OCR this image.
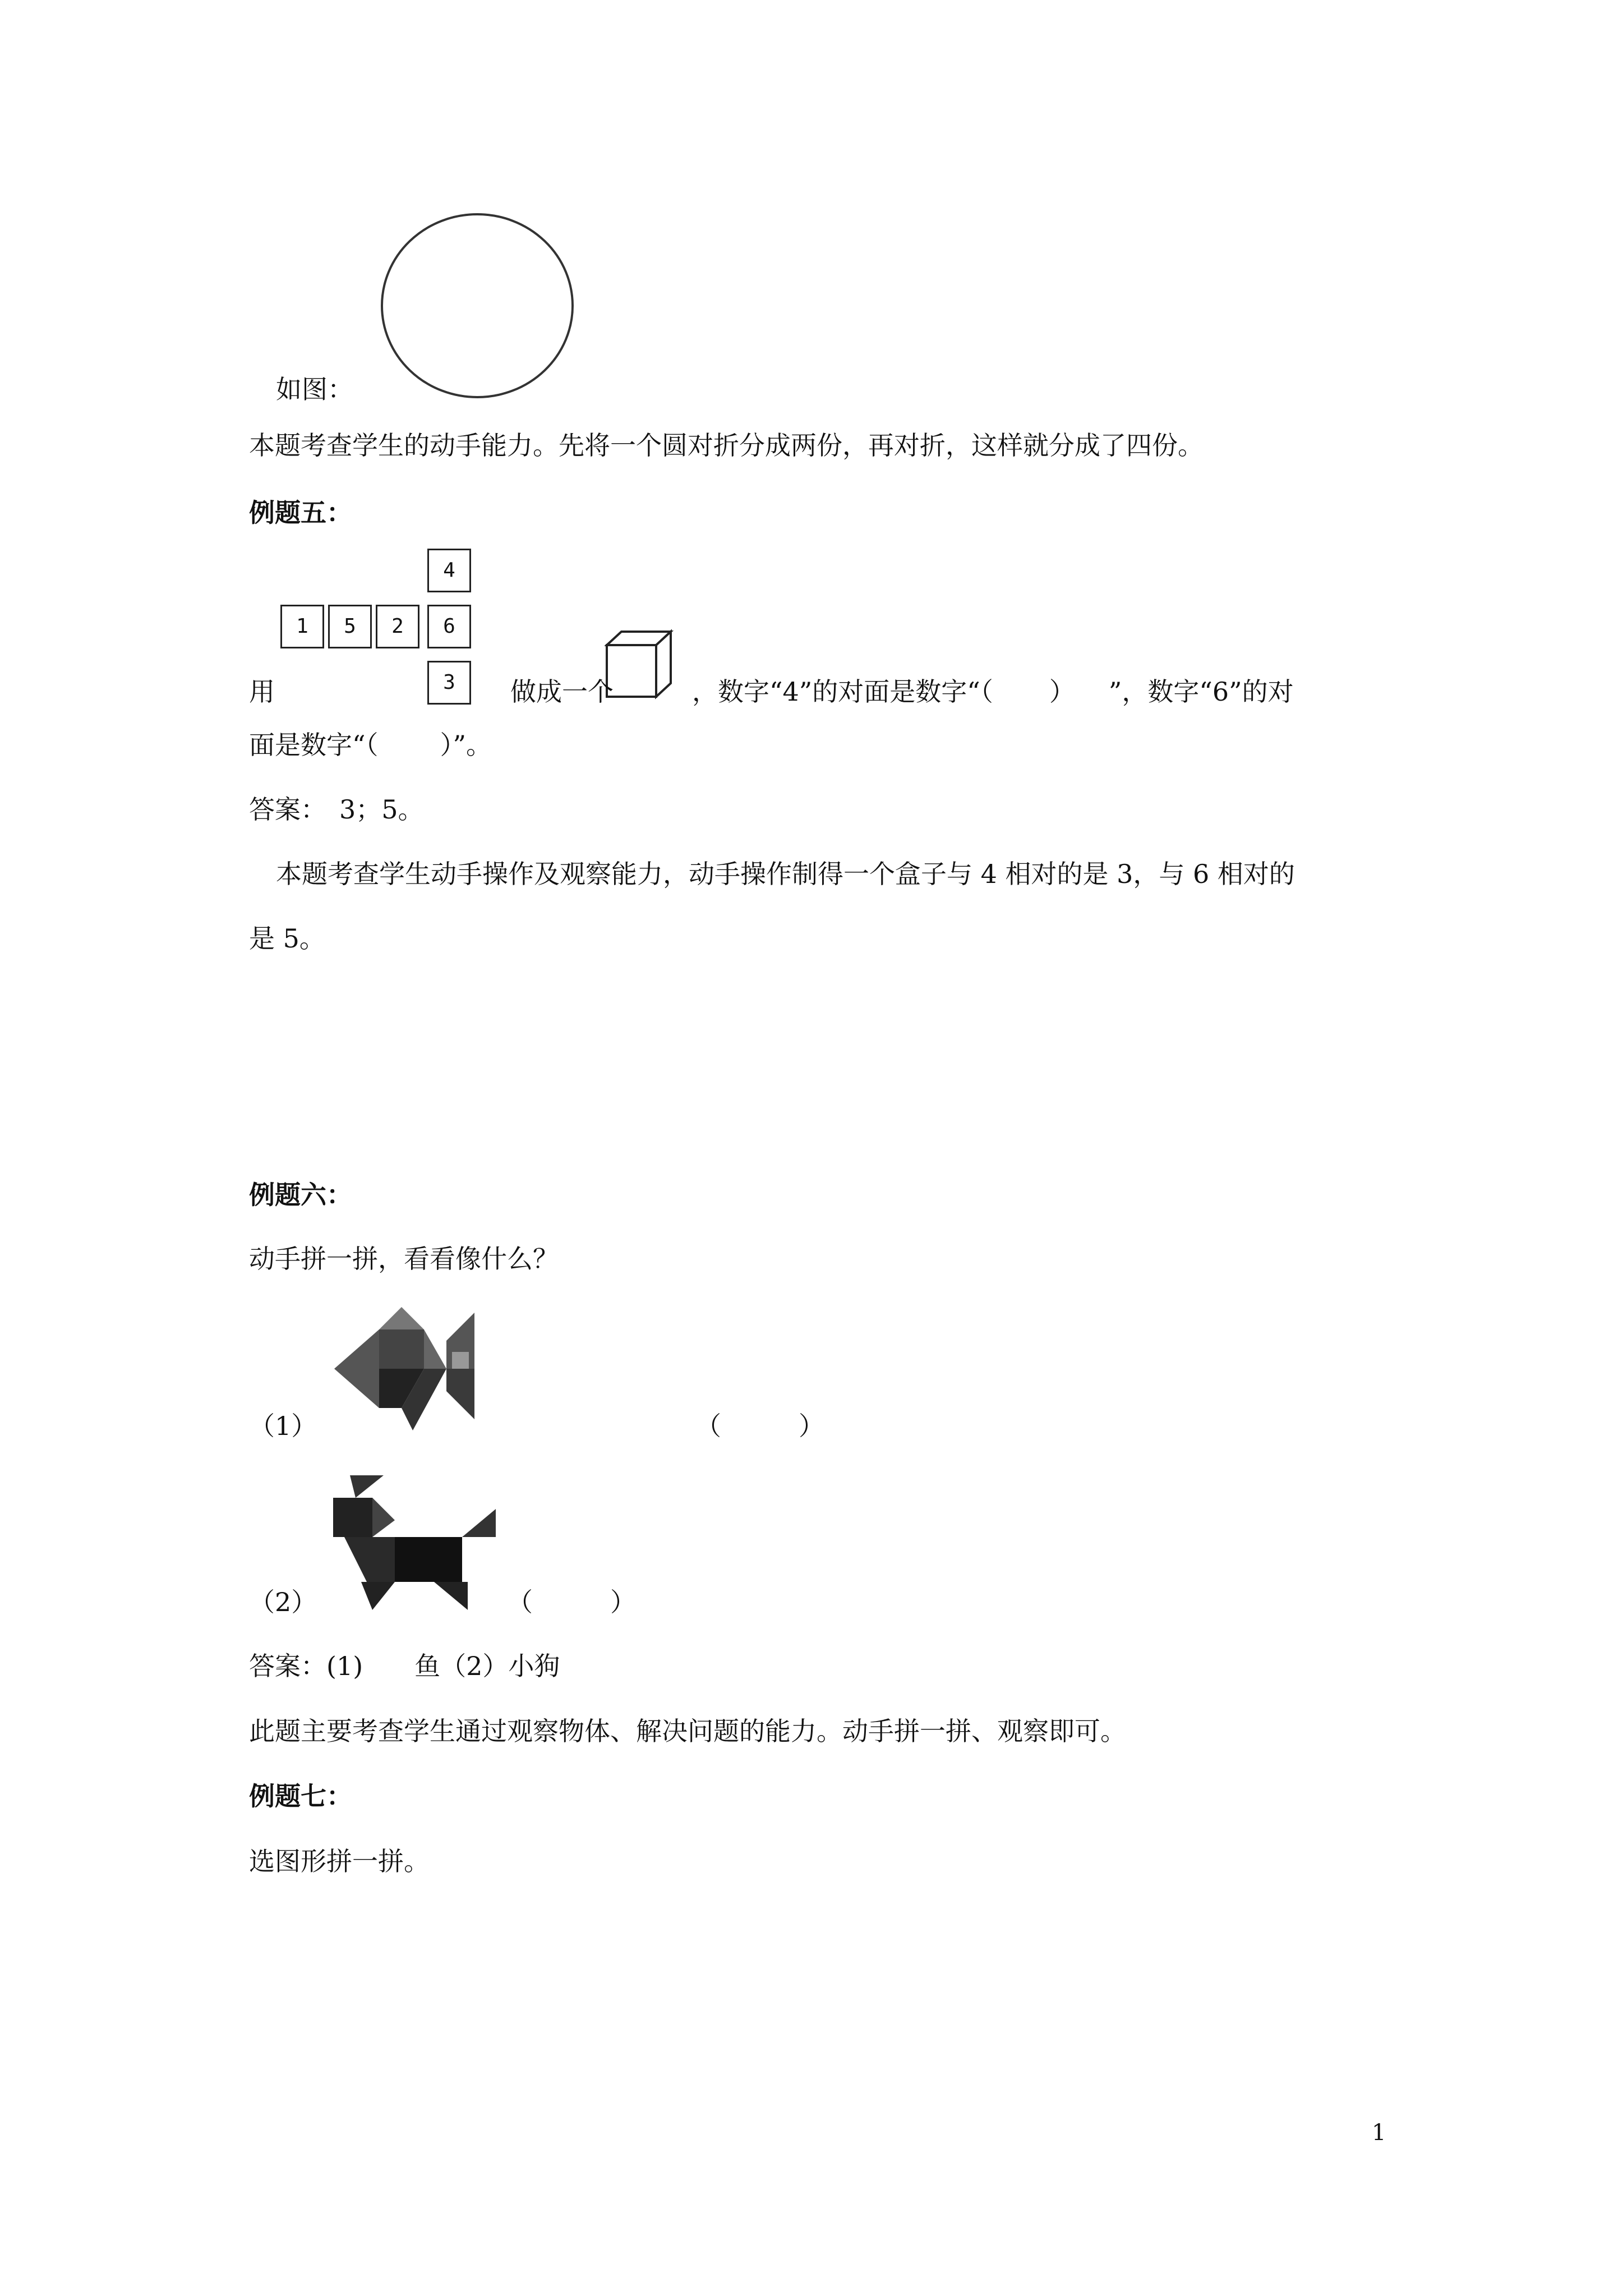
如图：
本题考查学生的动手能力。先将一个圆对折分成两份，再对折，这样就分成了四份。
例题五：
1	5	2	6
4
3
用	做成一个	，数字“4”的对面是数字“（ ） ”，数字“6”的对
面是数字“（ ）”。
答案：　3；5。
本题考查学生动手操作及观察能力，动手操作制得一个盒子与 4 相对的是 3，与 6 相对的
是 5。
例题六：
动手拼一拼，看看像什么？
（1）	（　　　）
（2）	（　　　）
答案：(1)　　鱼（2）小狗
此题主要考查学生通过观察物体、解决问题的能力。动手拼一拼、观察即可。
例题七：
选图形拼一拼。
1
